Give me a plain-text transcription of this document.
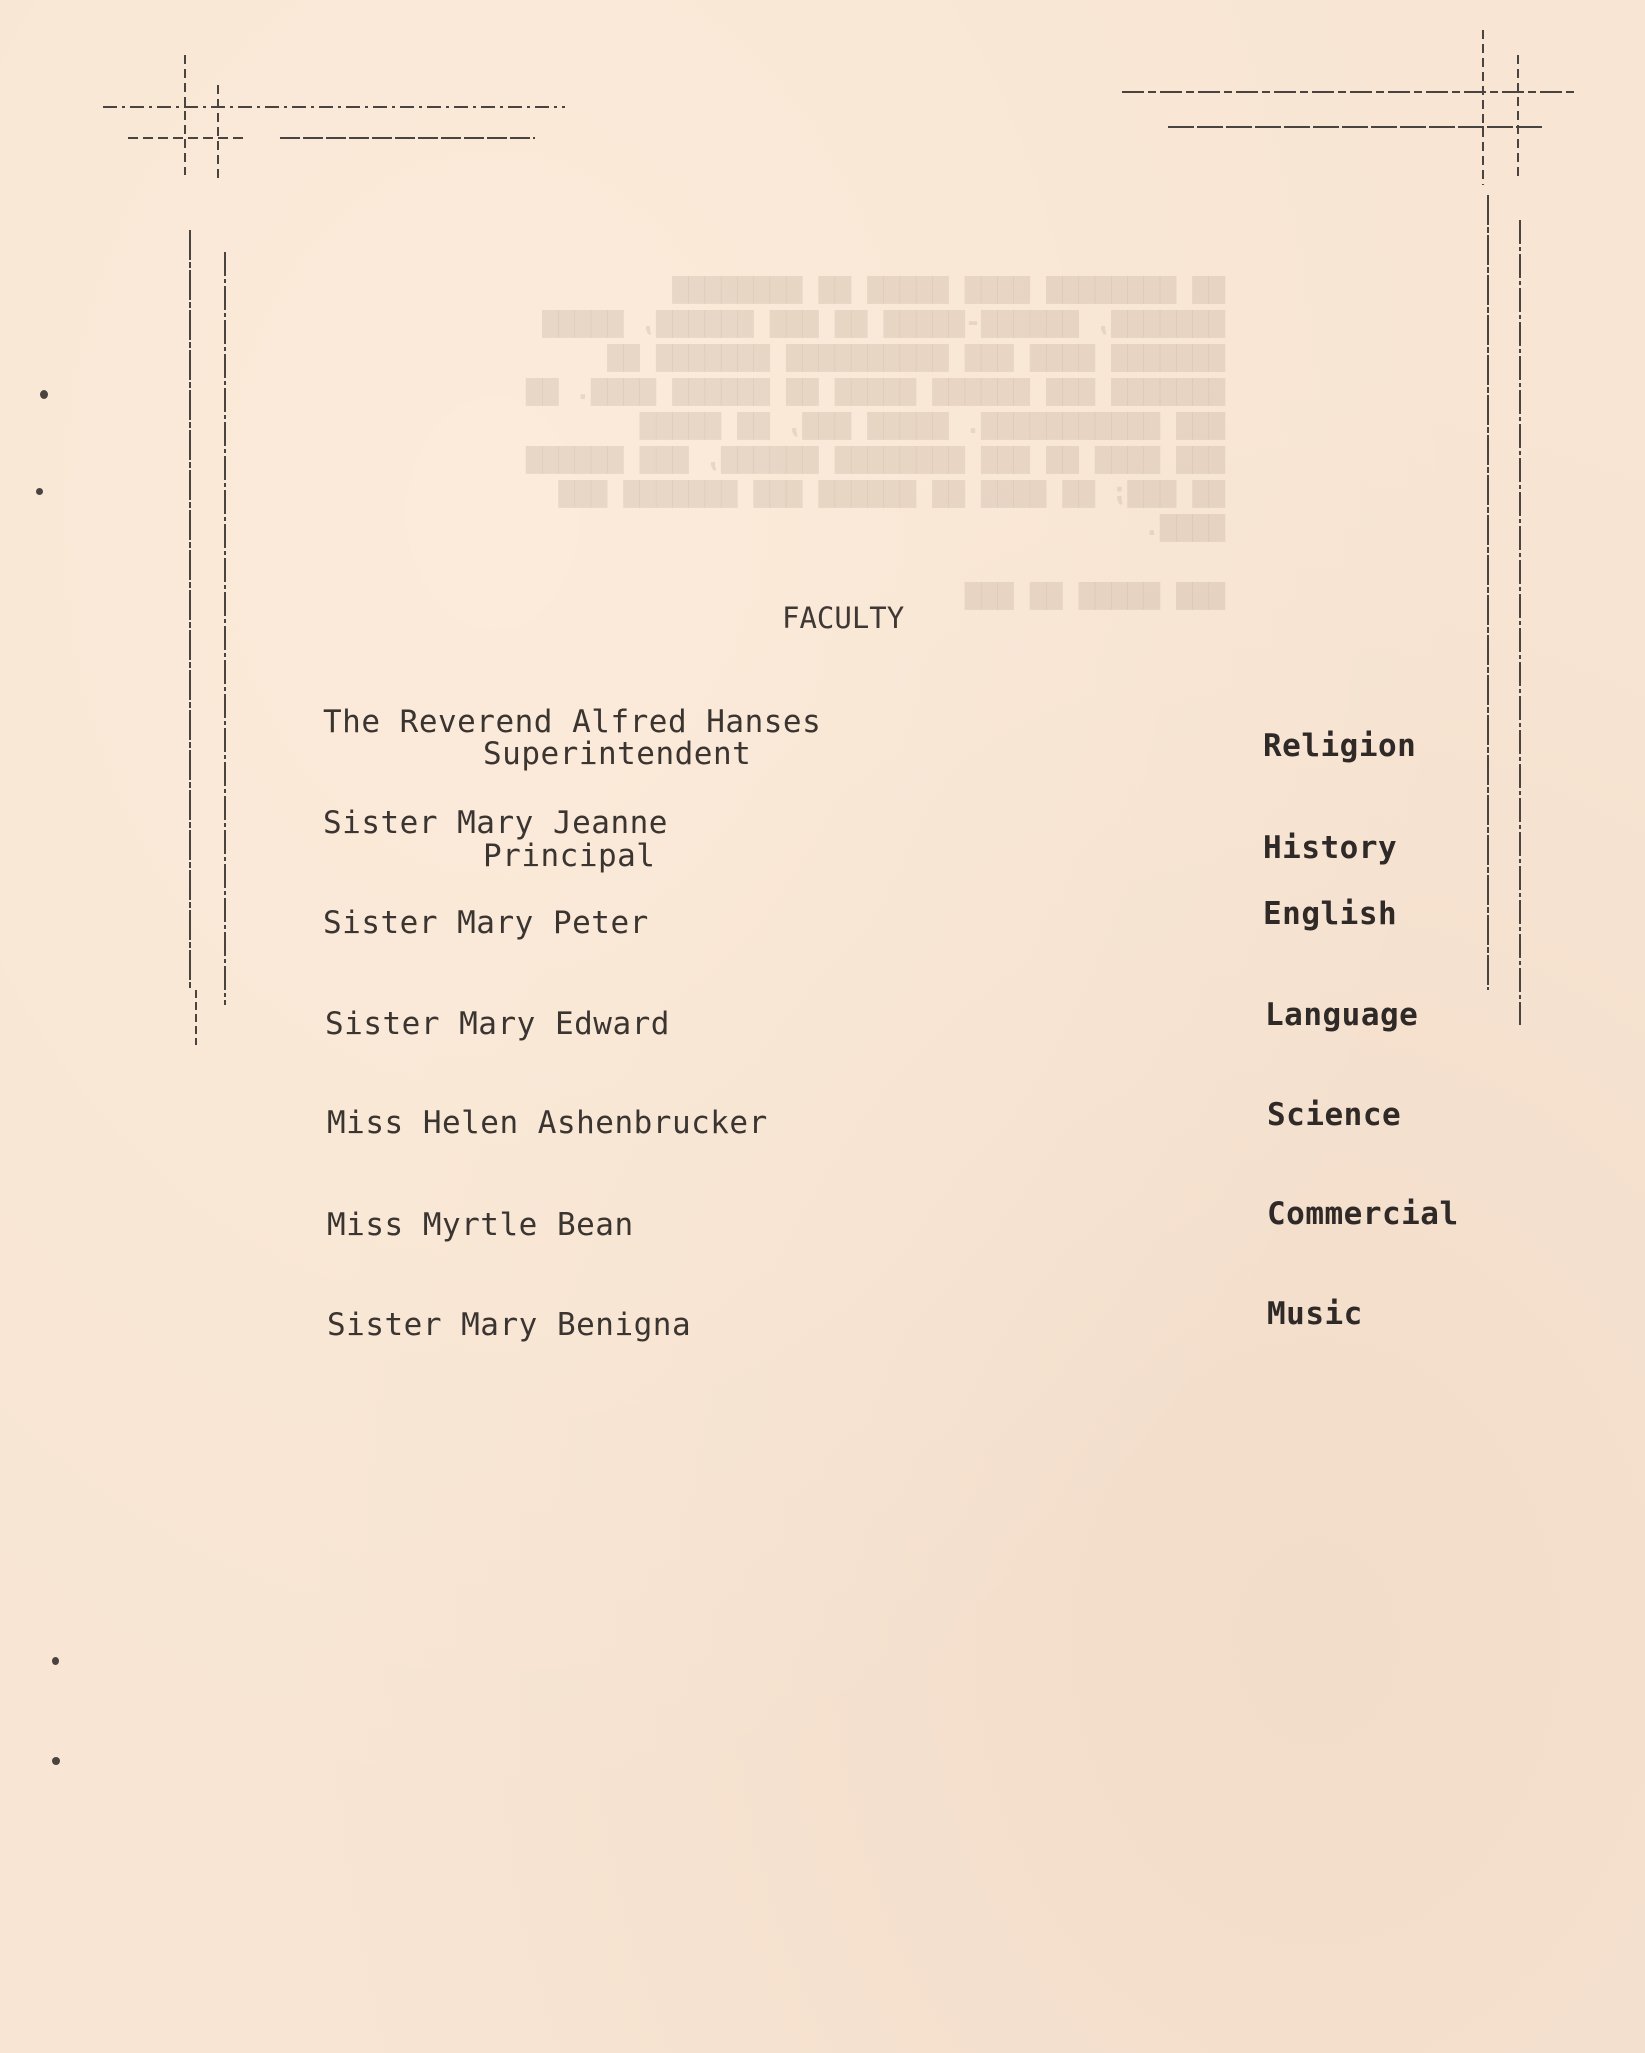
▇▇ ▇▇▇▇▇▇▇▇ ▇▇▇▇ ▇▇▇▇▇ ▇▇ ▇▇▇▇▇▇▇▇
▇▇▇▇▇▇▇, ▇▇▇▇▇▇-▇▇▇▇▇ ▇▇ ▇▇▇ ▇▇▇▇▇▇, ▇▇▇▇▇
▇▇▇▇▇▇▇ ▇▇▇▇ ▇▇▇ ▇▇▇▇▇▇▇▇▇▇ ▇▇▇▇▇▇▇ ▇▇
▇▇▇▇▇▇▇ ▇▇▇ ▇▇▇▇▇▇ ▇▇▇▇▇ ▇▇ ▇▇▇▇▇▇ ▇▇▇▇. ▇▇
▇▇▇ ▇▇▇▇▇▇▇▇▇▇▇. ▇▇▇▇▇ ▇▇▇, ▇▇ ▇▇▇▇▇
▇▇▇ ▇▇▇▇ ▇▇ ▇▇▇ ▇▇▇▇▇▇▇▇ ▇▇▇▇▇▇, ▇▇▇ ▇▇▇▇▇▇
▇▇ ▇▇▇; ▇▇ ▇▇▇▇ ▇▇ ▇▇▇▇▇▇ ▇▇▇ ▇▇▇▇▇▇▇ ▇▇▇
▇▇▇▇.

▇▇▇ ▇▇▇▇▇ ▇▇ ▇▇▇
FACULTY
The Reverend Alfred Hanses
Superintendent	Religion
Sister Mary Jeanne
Principal	History
Sister Mary Peter	English
Sister Mary Edward	Language
Miss Helen Ashenbrucker	Science
Miss Myrtle Bean	Commercial
Sister Mary Benigna	Music
